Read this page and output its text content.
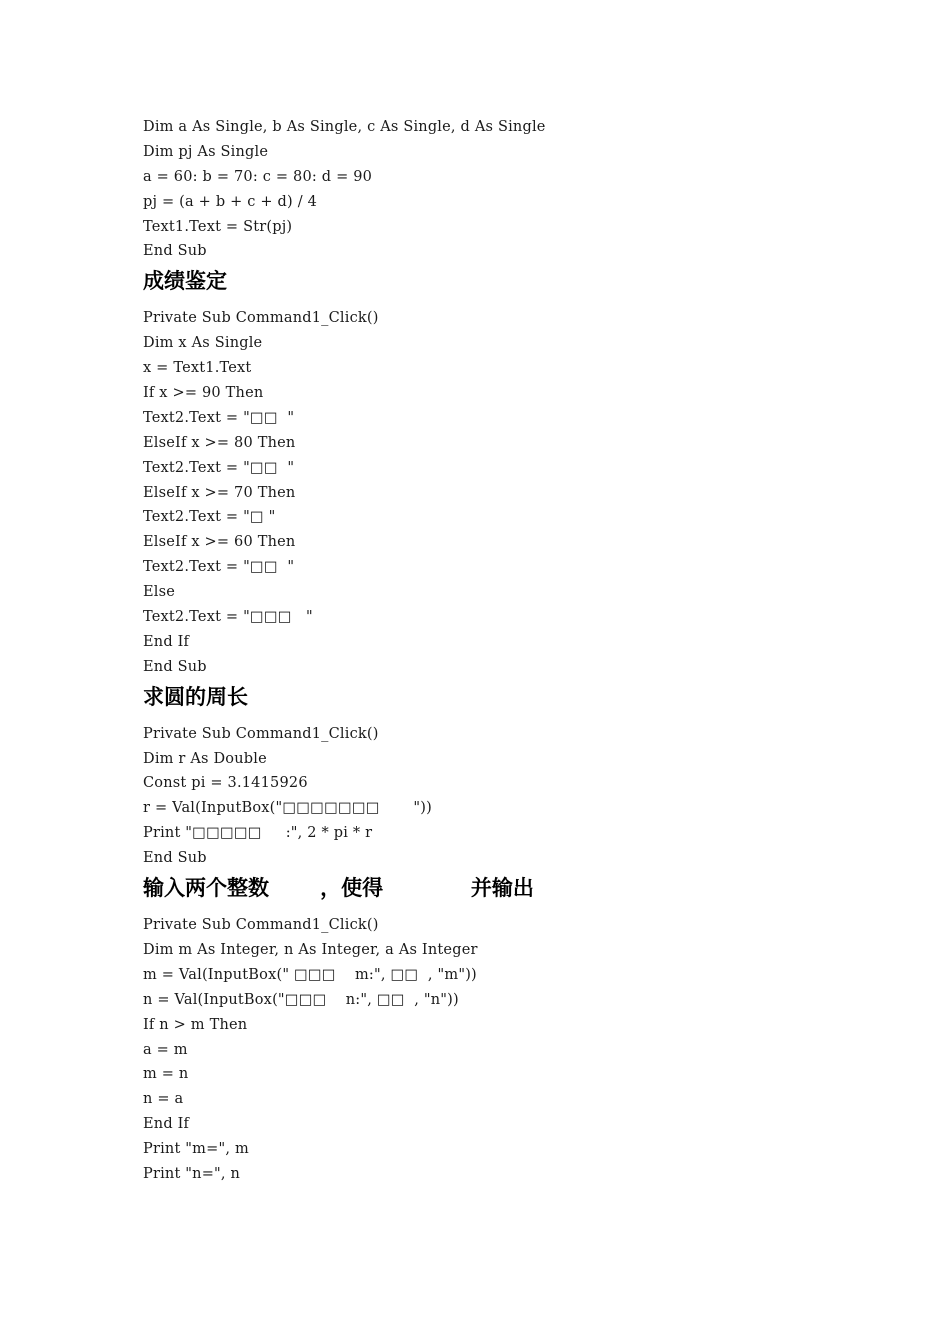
Dim a As Single, b As Single, c As Single, d As Single
Dim pj As Single
a = 60: b = 70: c = 80: d = 90
pj = (a + b + c + d) / 4
Text1.Text = Str(pj)
End Sub
成绩鉴定
Private Sub Command1_Click()
Dim x As Single
x = Text1.Text
If x >= 90 Then
Text2.Text = "□□  "
ElseIf x >= 80 Then
Text2.Text = "□□  "
ElseIf x >= 70 Then
Text2.Text = "□ "
ElseIf x >= 60 Then
Text2.Text = "□□  "
Else
Text2.Text = "□□□   "
End If
End Sub
求圆的周长
Private Sub Command1_Click()
Dim r As Double
Const pi = 3.1415926
r = Val(InputBox("□□□□□□□       "))
Print "□□□□□     :", 2 * pi * r
End Sub
输入两个整数       ，使得            并输出
Private Sub Command1_Click()
Dim m As Integer, n As Integer, a As Integer
m = Val(InputBox(" □□□    m:", □□  , "m"))
n = Val(InputBox("□□□    n:", □□  , "n"))
If n > m Then
a = m
m = n
n = a
End If
Print "m=", m
Print "n=", n
